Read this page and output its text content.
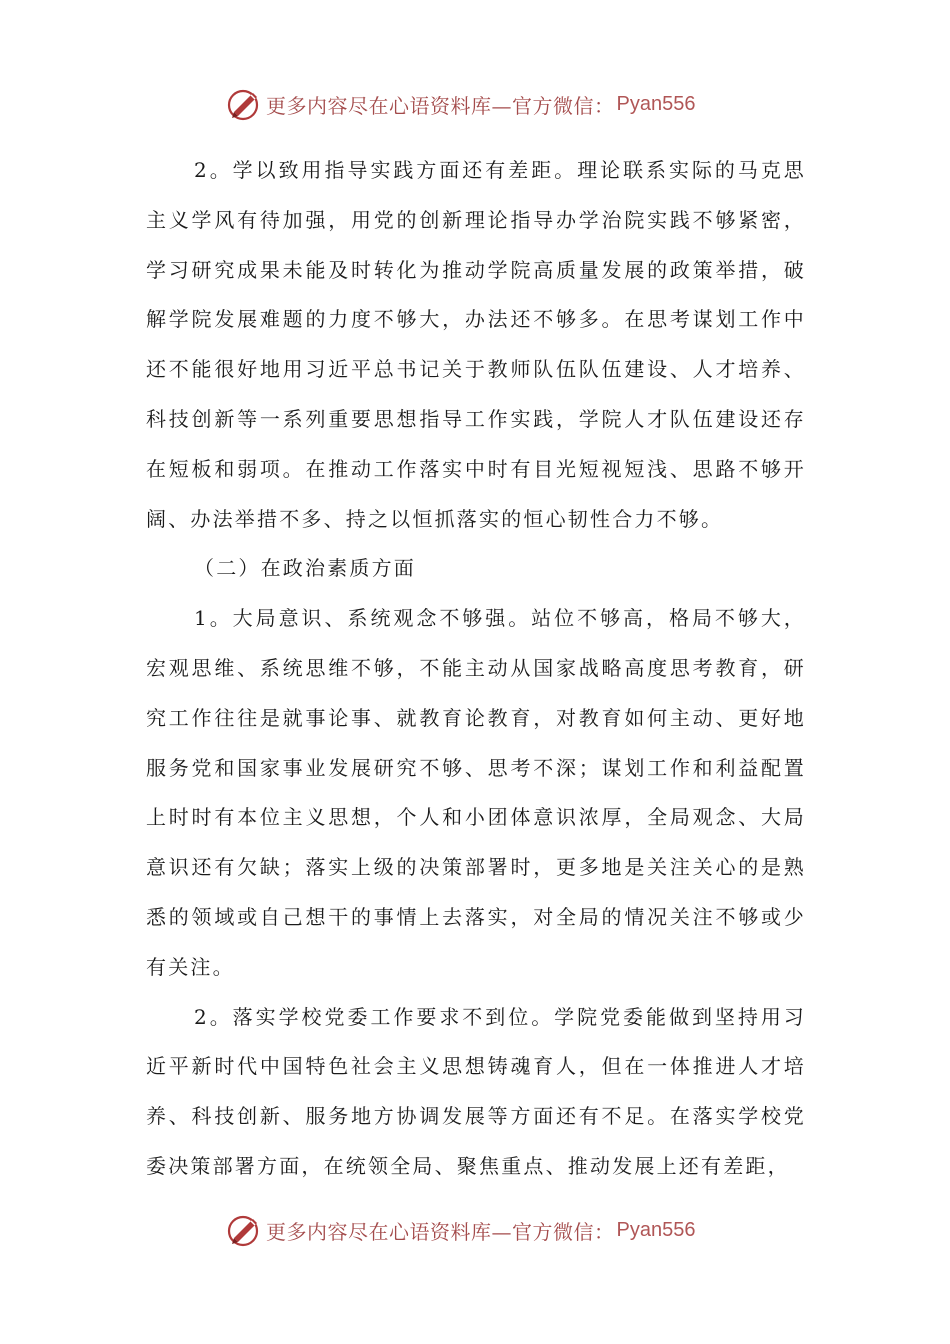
更多内容尽在心语资料库—官方微信： Pyan556

2。学以致用指导实践方面还有差距。理论联系实际的马克思主义学风有待加强，用党的创新理论指导办学治院实践不够紧密，学习研究成果未能及时转化为推动学院高质量发展的政策举措，破解学院发展难题的力度不够大，办法还不够多。在思考谋划工作中还不能很好地用习近平总书记关于教师队伍队伍建设、人才培养、科技创新等一系列重要思想指导工作实践，学院人才队伍建设还存在短板和弱项。在推动工作落实中时有目光短视短浅、思路不够开阔、办法举措不多、持之以恒抓落实的恒心韧性合力不够。

（二）在政治素质方面

1。大局意识、系统观念不够强。站位不够高，格局不够大，宏观思维、系统思维不够，不能主动从国家战略高度思考教育，研究工作往往是就事论事、就教育论教育，对教育如何主动、更好地服务党和国家事业发展研究不够、思考不深；谋划工作和利益配置上时时有本位主义思想，个人和小团体意识浓厚，全局观念、大局意识还有欠缺；落实上级的决策部署时，更多地是关注关心的是熟悉的领域或自己想干的事情上去落实，对全局的情况关注不够或少有关注。

2。落实学校党委工作要求不到位。学院党委能做到坚持用习近平新时代中国特色社会主义思想铸魂育人，但在一体推进人才培养、科技创新、服务地方协调发展等方面还有不足。在落实学校党委决策部署方面，在统领全局、聚焦重点、推动发展上还有差距，

更多内容尽在心语资料库—官方微信： Pyan556
